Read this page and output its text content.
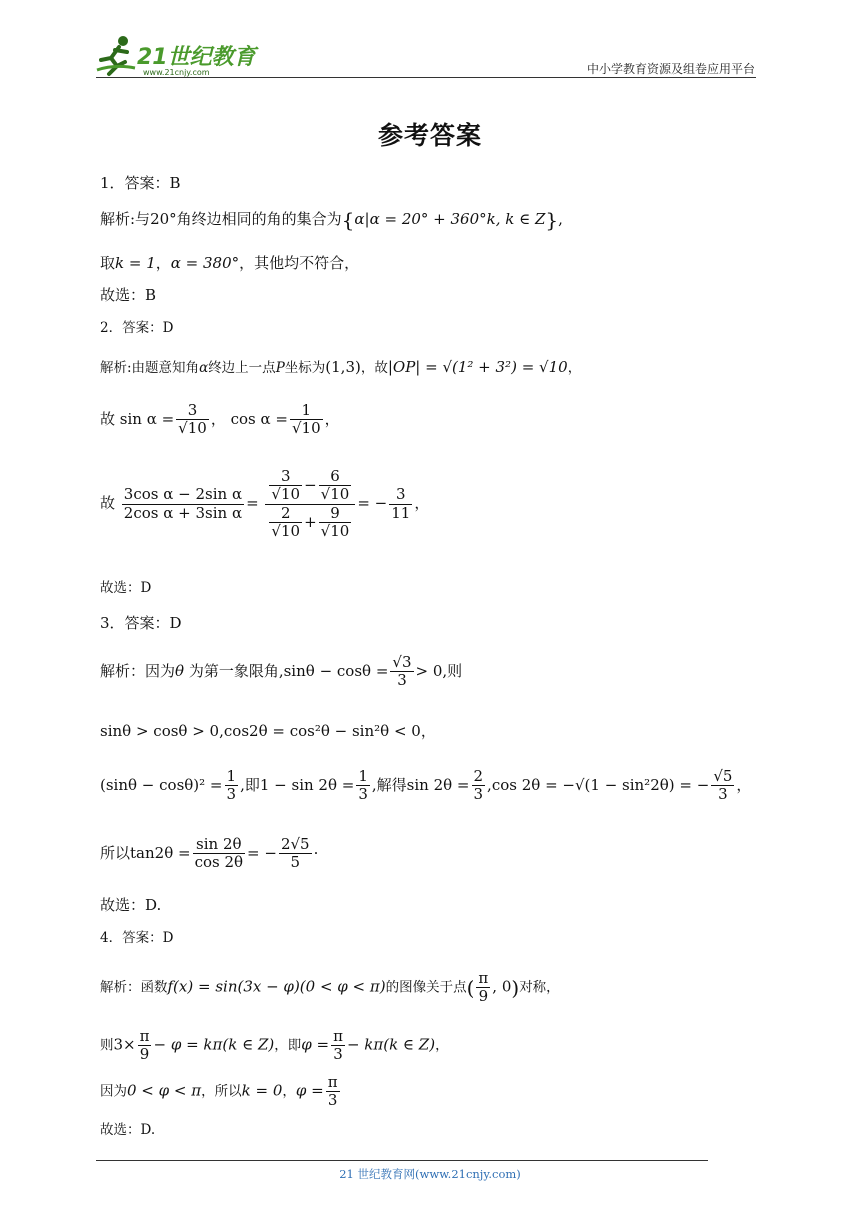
21世纪教育
www.21cnjy.com	中小学教育资源及组卷应用平台
参考答案
1．答案：B
解析:与20°角终边相同的角的集合为{α|α = 20° + 360°k, k ∈ Z},
取k = 1，α = 380°，其他均不符合，
故选：B
2．答案：D
解析:由题意知角α终边上一点P坐标为(1,3)，故|OP| = √(1² + 3²) = √10，
故 $\sin \alpha = \frac{3}{√10}$ ， $\cos \alpha = \frac{1}{√10}$ ，
故 $\frac{\text{3cos α − 2sin α}}{\text{2cos α + 3sin α}} = \frac{\frac{3}{√10} - \frac{6}{√10}}{\frac{2}{√10} + \frac{9}{√10}}$ = − $\frac{3}{11}$ ，
故选：D
3．答案：D
解析：因为θ 为第一象限角$,\sin\theta - \cos\theta = \frac{√3}{3} > 0$,则
sinθ > cosθ > 0,cos2θ = cos²θ − sin²θ < 0，
$(\sin\theta - \cos\theta)^2 = \frac{1}{3}$ ,即$1 - \sin 2\theta = \frac{1}{3}$ ,解得$\sin 2\theta = \frac{2}{3} ,\cos$ 2θ = −√(1 − sin²2θ) = − $\frac{√5}{3}$ ，
所以$\tan 2\theta = \frac{\sin 2\theta}{\cos 2\theta}$ = − $\frac{2√5}{5}$ ·
故选：D.
4．答案：D
解析：函数f(x) = sin(3x − φ)(0 < φ < π)的图像关于点( $\frac{\pi}{9}$ , 0)对称，
则$3\times \frac{\pi}{9} - \varphi = k\pi(k$ ∈ Z)，即$\varphi = \frac{\pi}{3} - k\pi(k$ ∈ Z)，
因为0 < φ < π，所以k = 0，$\varphi = \frac{\pi}{3}$
故选：D.
21 世纪教育网(www.21cnjy.com)
